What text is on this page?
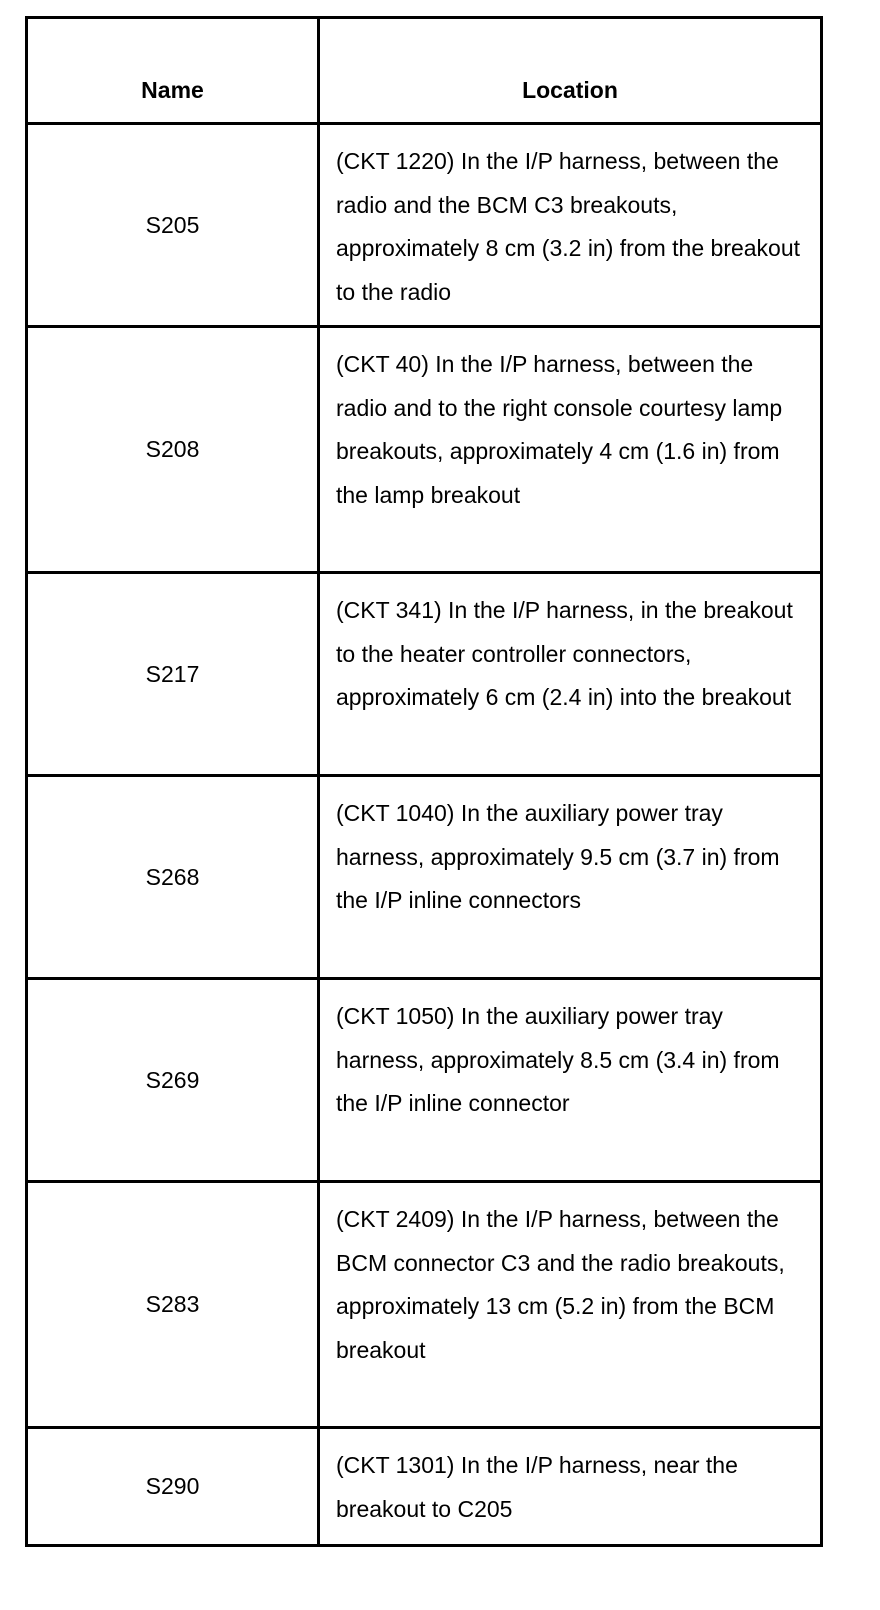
Name	Location
S205	(CKT 1220) In the I/P harness, between the radio and the BCM C3 breakouts, approximately 8 cm (3.2 in) from the breakout to the radio
S208	(CKT 40) In the I/P harness, between the radio and to the right console courtesy lamp breakouts, approximately 4 cm (1.6 in) from the lamp breakout
S217	(CKT 341) In the I/P harness, in the breakout to the heater controller connectors, approximately 6 cm (2.4 in) into the breakout
S268	(CKT 1040) In the auxiliary power tray harness, approximately 9.5 cm (3.7 in) from the I/P inline connectors
S269	(CKT 1050) In the auxiliary power tray harness, approximately 8.5 cm (3.4 in) from the I/P inline connector
S283	(CKT 2409) In the I/P harness, between the BCM connector C3 and the radio breakouts, approximately 13 cm (5.2 in) from the BCM breakout
S290	(CKT 1301) In the I/P harness, near the breakout to C205
